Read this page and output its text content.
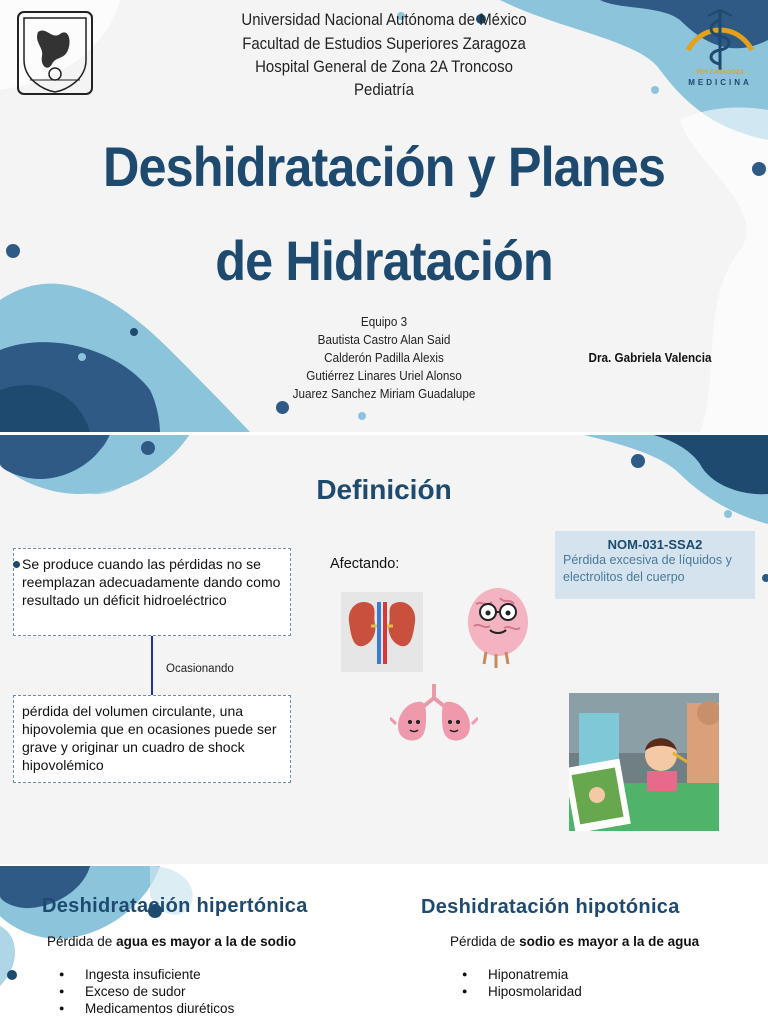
FES ZARAGOZA
MEDICINA
Universidad Nacional Autónoma de México
Facultad de Estudios Superiores Zaragoza
Hospital General de Zona 2A Troncoso
Pediatría
Deshidratación y Planes
de Hidratación
Equipo 3
Bautista Castro Alan Said
Calderón Padilla Alexis
Gutiérrez Linares Uriel Alonso
Juarez Sanchez Miriam Guadalupe
Dra. Gabriela Valencia
Definición
Se produce cuando las pérdidas no se reemplazan adecuadamente dando como resultado un déficit hidroeléctrico
Ocasionando
pérdida del volumen circulante, una hipovolemia que en ocasiones puede ser grave y originar un cuadro de shock hipovolémico
Afectando:
NOM-031-SSA2
Pérdida excesiva de líquidos y electrolitos del cuerpo
Deshidratación hipertónica
Pérdida de agua es mayor a la de sodio
● Ingesta insuficiente
● Exceso de sudor
● Medicamentos diuréticos
Deshidratación hipotónica
Pérdida de sodio es mayor a la de agua
● Hiponatremia
● Hiposmolaridad
